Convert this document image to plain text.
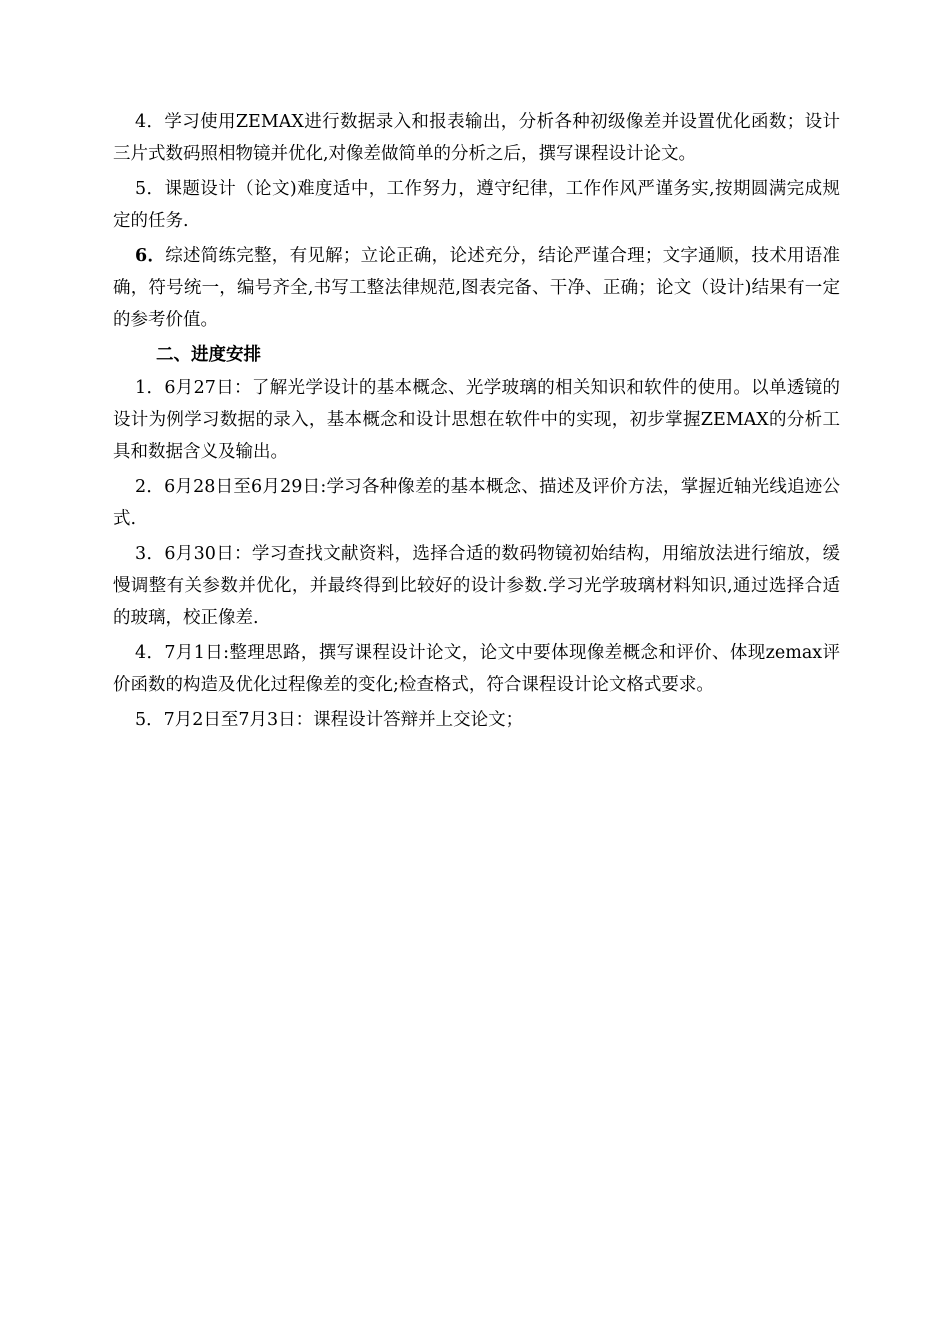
4．学习使用ZEMAX进行数据录入和报表输出，分析各种初级像差并设置优化函数；设计三片式数码照相物镜并优化,对像差做简单的分析之后，撰写课程设计论文。

5．课题设计（论文)难度适中，工作努力，遵守纪律，工作作风严谨务实,按期圆满完成规定的任务.

6．综述简练完整，有见解；立论正确，论述充分，结论严谨合理；文字通顺，技术用语准确，符号统一，编号齐全,书写工整法律规范,图表完备、干净、正确；论文（设计)结果有一定的参考价值。

二、进度安排

1．6月27日：了解光学设计的基本概念、光学玻璃的相关知识和软件的使用。以单透镜的设计为例学习数据的录入，基本概念和设计思想在软件中的实现，初步掌握ZEMAX的分析工具和数据含义及输出。

2．6月28日至6月29日:学习各种像差的基本概念、描述及评价方法，掌握近轴光线追迹公式.

3．6月30日：学习查找文献资料，选择合适的数码物镜初始结构，用缩放法进行缩放，缓慢调整有关参数并优化，并最终得到比较好的设计参数.学习光学玻璃材料知识,通过选择合适的玻璃，校正像差.

4．7月1日:整理思路，撰写课程设计论文，论文中要体现像差概念和评价、体现zemax评价函数的构造及优化过程像差的变化;检查格式，符合课程设计论文格式要求。

5．7月2日至7月3日：课程设计答辩并上交论文；
